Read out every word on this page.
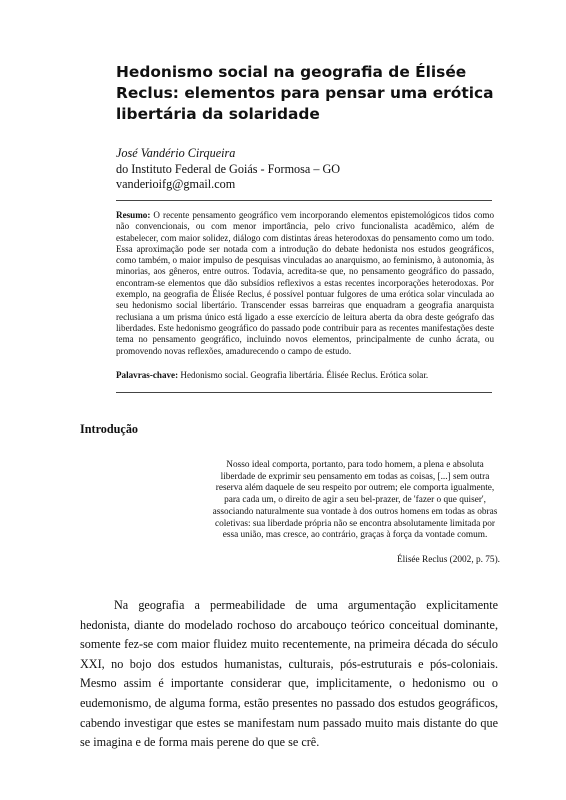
Hedonismo social na geografia de Élisée Reclus: elementos para pensar uma erótica libertária da solaridade
José Vandério Cirqueira
do Instituto Federal de Goiás - Formosa – GO
vanderioifg@gmail.com
Resumo: O recente pensamento geográfico vem incorporando elementos epistemológicos tidos como não convencionais, ou com menor importância, pelo crivo funcionalista acadêmico, além de estabelecer, com maior solidez, diálogo com distintas áreas heterodoxas do pensamento como um todo. Essa aproximação pode ser notada com a introdução do debate hedonista nos estudos geográficos, como também, o maior impulso de pesquisas vinculadas ao anarquismo, ao feminismo, à autonomia, às minorias, aos gêneros, entre outros. Todavia, acredita-se que, no pensamento geográfico do passado, encontram-se elementos que dão subsídios reflexivos a estas recentes incorporações heterodoxas. Por exemplo, na geografia de Élisée Reclus, é possível pontuar fulgores de uma erótica solar vinculada ao seu hedonismo social libertário. Transcender essas barreiras que enquadram a geografia anarquista reclusiana a um prisma único está ligado a esse exercício de leitura aberta da obra deste geógrafo das liberdades. Este hedonismo geográfico do passado pode contribuir para as recentes manifestações deste tema no pensamento geográfico, incluindo novos elementos, principalmente de cunho ácrata, ou promovendo novas reflexões, amadurecendo o campo de estudo.
Palavras-chave: Hedonismo social. Geografia libertária. Élisée Reclus. Erótica solar.
Introdução
Nosso ideal comporta, portanto, para todo homem, a plena e absoluta liberdade de exprimir seu pensamento em todas as coisas, [...] sem outra reserva além daquele de seu respeito por outrem; ele comporta igualmente, para cada um, o direito de agir a seu bel-prazer, de 'fazer o que quiser', associando naturalmente sua vontade à dos outros homens em todas as obras coletivas: sua liberdade própria não se encontra absolutamente limitada por essa união, mas cresce, ao contrário, graças à força da vontade comum.
Élisée Reclus (2002, p. 75).

Na geografia a permeabilidade de uma argumentação explicitamente hedonista, diante do modelado rochoso do arcabouço teórico conceitual dominante, somente fez-se com maior fluidez muito recentemente, na primeira década do século XXI, no bojo dos estudos humanistas, culturais, pós-estruturais e pós-coloniais. Mesmo assim é importante considerar que, implicitamente, o hedonismo ou o eudemonismo, de alguma forma, estão presentes no passado dos estudos geográficos, cabendo investigar que estes se manifestam num passado muito mais distante do que se imagina e de forma mais perene do que se crê.
